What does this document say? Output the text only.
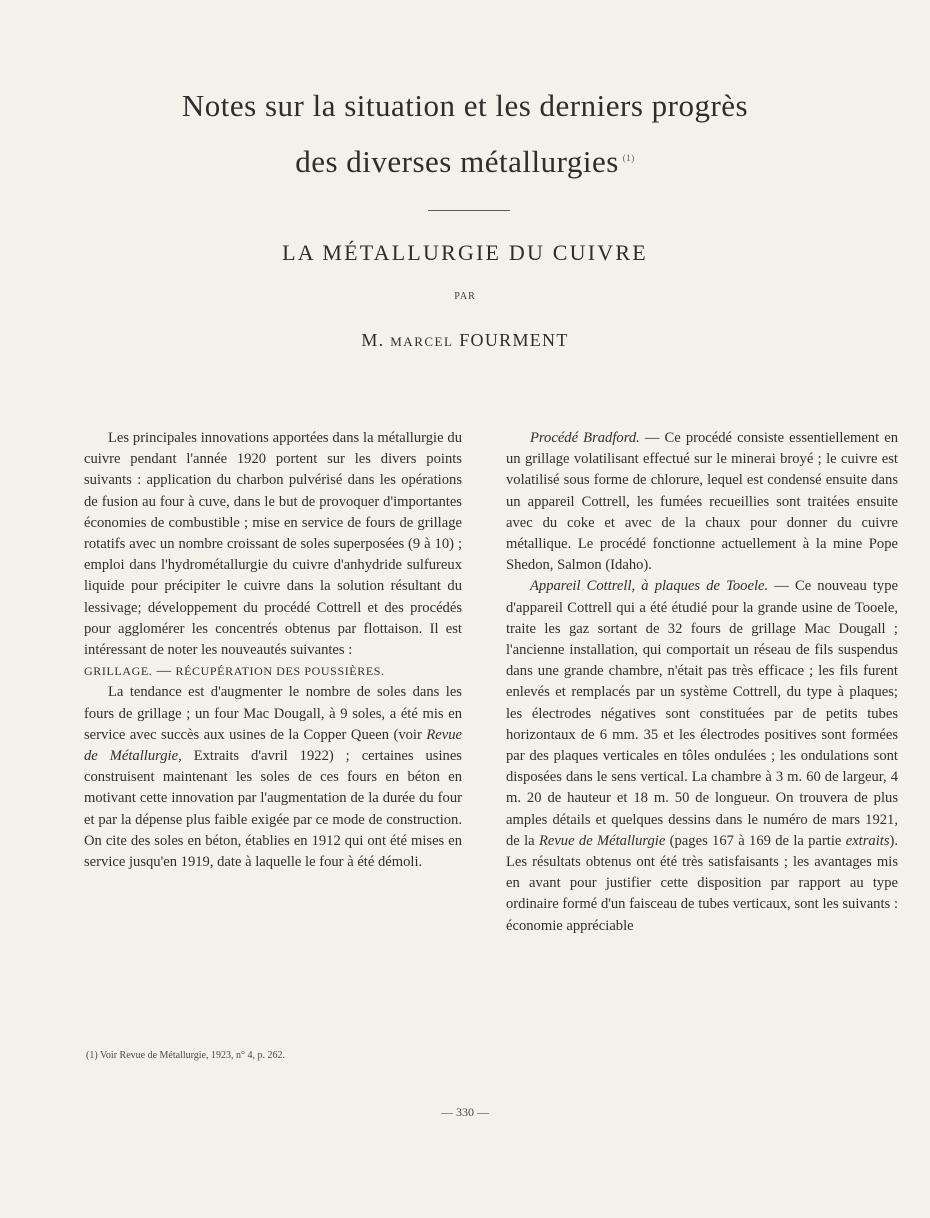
Notes sur la situation et les derniers progrès
des diverses métallurgies $^{(1)}$
LA MÉTALLURGIE DU CUIVRE
PAR
M. MARCEL FOURMENT

Les principales innovations apportées dans la métallurgie du cuivre pendant l'année 1920 portent sur les divers points suivants : application du charbon pulvérisé dans les opérations de fusion au four à cuve, dans le but de provoquer d'importantes économies de combustible ; mise en service de fours de grillage rotatifs avec un nombre croissant de soles superposées (9 à 10) ; emploi dans l'hydrométallurgie du cuivre d'anhydride sulfureux liquide pour précipiter le cuivre dans la solution résultant du lessivage; développement du procédé Cottrell et des procédés pour agglomérer les concentrés obtenus par flottaison. Il est intéressant de noter les nouveautés suivantes :

GRILLAGE. — RÉCUPÉRATION DES POUSSIÈRES.

La tendance est d'augmenter le nombre de soles dans les fours de grillage ; un four Mac Dougall, à 9 soles, a été mis en service avec succès aux usines de la Copper Queen (voir Revue de Métallurgie, Extraits d'avril 1922) ; certaines usines construisent maintenant les soles de ces fours en béton en motivant cette innovation par l'augmentation de la durée du four et par la dépense plus faible exigée par ce mode de construction. On cite des soles en béton, établies en 1912 qui ont été mises en service jusqu'en 1919, date à laquelle le four à été démoli.

Procédé Bradford. — Ce procédé consiste essentiellement en un grillage volatilisant effectué sur le minerai broyé ; le cuivre est volatilisé sous forme de chlorure, lequel est condensé ensuite dans un appareil Cottrell, les fumées recueillies sont traitées ensuite avec du coke et avec de la chaux pour donner du cuivre métallique. Le procédé fonctionne actuellement à la mine Pope Shedon, Salmon (Idaho).

Appareil Cottrell, à plaques de Tooele. — Ce nouveau type d'appareil Cottrell qui a été étudié pour la grande usine de Tooele, traite les gaz sortant de 32 fours de grillage Mac Dougall ; l'ancienne installation, qui comportait un réseau de fils suspendus dans une grande chambre, n'était pas très efficace ; les fils furent enlevés et remplacés par un système Cottrell, du type à plaques; les électrodes négatives sont constituées par de petits tubes horizontaux de 6 mm. 35 et les électrodes positives sont formées par des plaques verticales en tôles ondulées ; les ondulations sont disposées dans le sens vertical. La chambre à 3 m. 60 de largeur, 4 m. 20 de hauteur et 18 m. 50 de longueur. On trouvera de plus amples détails et quelques dessins dans le numéro de mars 1921, de la Revue de Métallurgie (pages 167 à 169 de la partie extraits). Les résultats obtenus ont été très satisfaisants ; les avantages mis en avant pour justifier cette disposition par rapport au type ordinaire formé d'un faisceau de tubes verticaux, sont les suivants : économie appréciable

(1) Voir Revue de Métallurgie, 1923, n° 4, p. 262.
— 330 —
